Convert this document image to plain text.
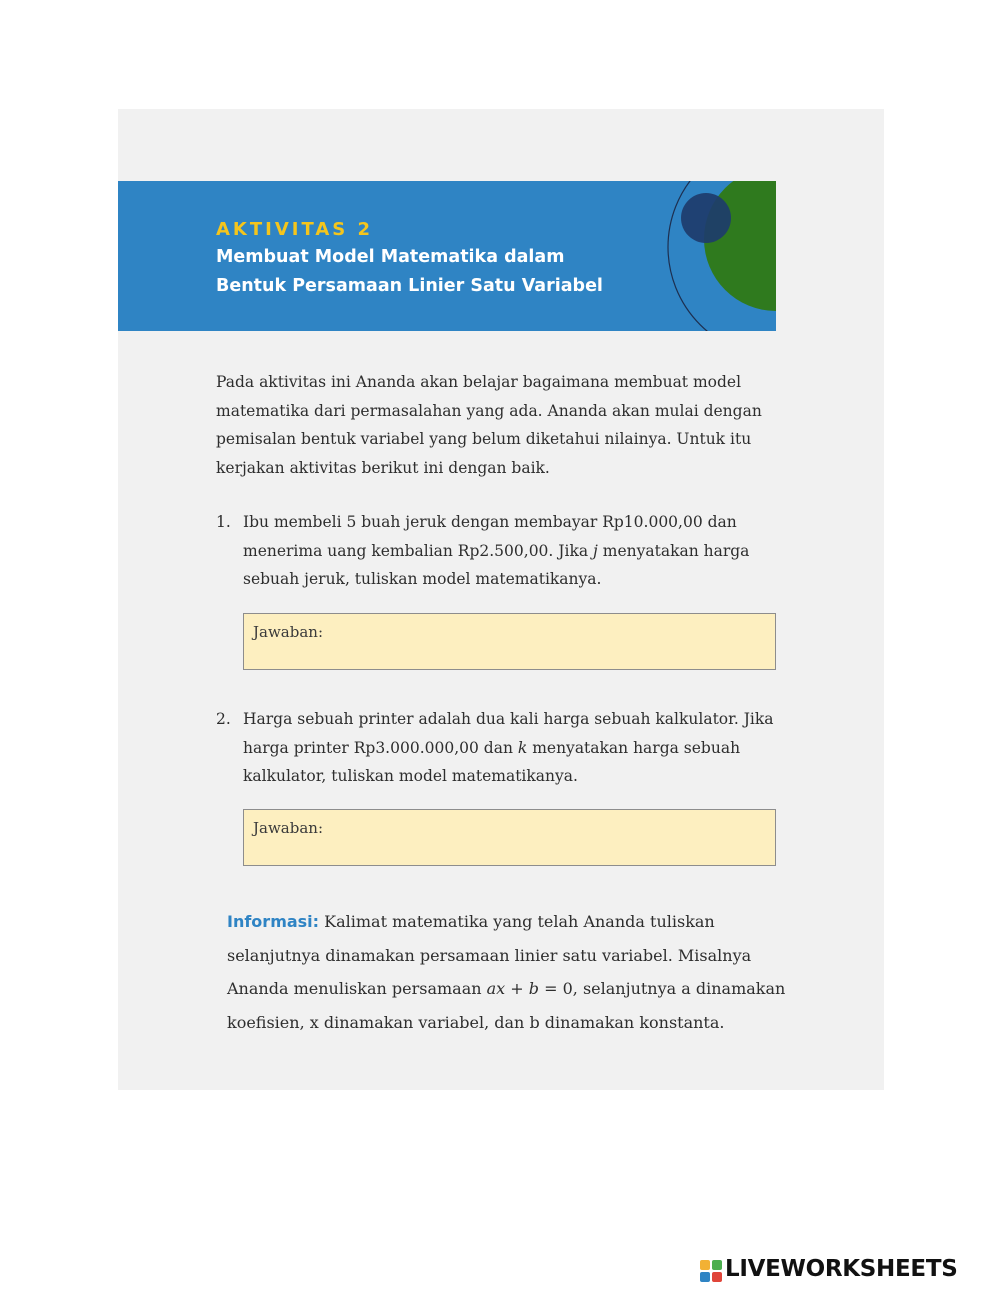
AKTIVITAS 2
Membuat Model Matematika dalam
Bentuk Persamaan Linier Satu Variabel

Pada aktivitas ini Ananda akan belajar bagaimana membuat model matematika dari permasalahan yang ada. Ananda akan mulai dengan pemisalan bentuk variabel yang belum diketahui nilainya. Untuk itu kerjakan aktivitas berikut ini dengan baik.

1. Ibu membeli 5 buah jeruk dengan membayar Rp10.000,00 dan menerima uang kembalian Rp2.500,00. Jika j menyatakan harga sebuah jeruk, tuliskan model matematikanya.

Jawaban:
2. Harga sebuah printer adalah dua kali harga sebuah kalkulator. Jika harga printer Rp3.000.000,00 dan k menyatakan harga sebuah kalkulator, tuliskan model matematikanya.

Jawaban:

Informasi: Kalimat matematika yang telah Ananda tuliskan selanjutnya dinamakan persamaan linier satu variabel. Misalnya Ananda menuliskan persamaan ax + b = 0, selanjutnya a dinamakan koefisien, x dinamakan variabel, dan b dinamakan konstanta.

LIVEWORKSHEETS
